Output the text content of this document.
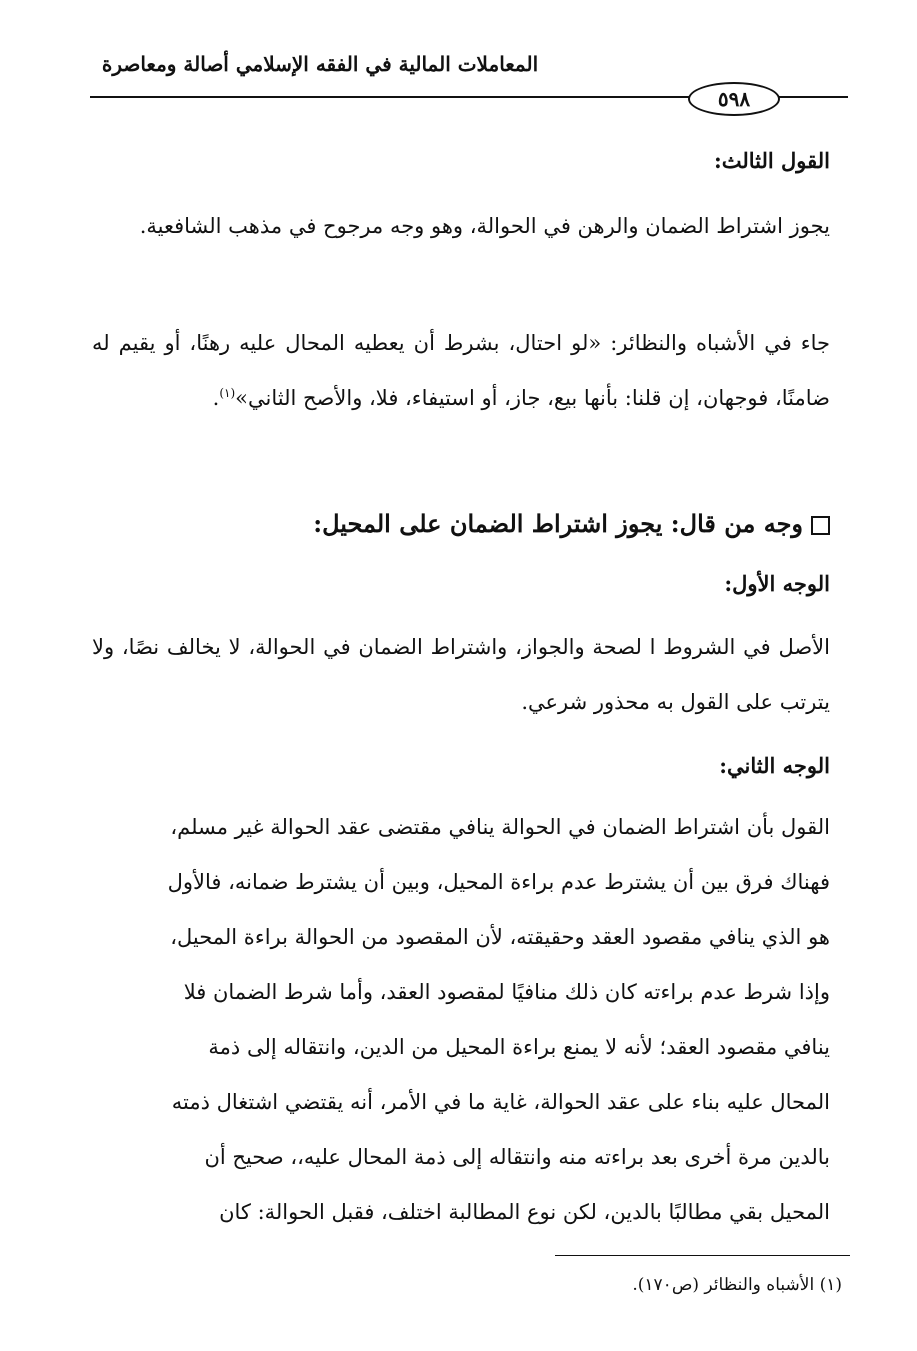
المعاملات المالية في الفقه الإسلامي أصالة ومعاصرة
٥٩٨
القول الثالث:
يجوز اشتراط الضمان والرهن في الحوالة، وهو وجه مرجوح في مذهب الشافعية.
جاء في الأشباه والنظائر: «لو احتال، بشرط أن يعطيه المحال عليه رهنًا، أو يقيم له ضامنًا، فوجهان، إن قلنا: بأنها بيع، جاز، أو استيفاء، فلا، والأصح الثاني»$^{(١)}$.
وجه من قال: يجوز اشتراط الضمان على المحيل:
الوجه الأول:
الأصل في الشروط ا لصحة والجواز، واشتراط الضمان في الحوالة، لا يخالف نصًا، ولا يترتب على القول به محذور شرعي.
الوجه الثاني:
القول بأن اشتراط الضمان في الحوالة ينافي مقتضى عقد الحوالة غير مسلم،
فهناك فرق بين أن يشترط عدم براءة المحيل، وبين أن يشترط ضمانه، فالأول
هو الذي ينافي مقصود العقد وحقيقته، لأن المقصود من الحوالة براءة المحيل،
وإذا شرط عدم براءته كان ذلك منافيًا لمقصود العقد، وأما شرط الضمان فلا
ينافي مقصود العقد؛ لأنه لا يمنع براءة المحيل من الدين، وانتقاله إلى ذمة
المحال عليه بناء على عقد الحوالة، غاية ما في الأمر، أنه يقتضي اشتغال ذمته
بالدين مرة أخرى بعد براءته منه وانتقاله إلى ذمة المحال عليه،، صحيح أن
المحيل بقي مطالبًا بالدين، لكن نوع المطالبة اختلف، فقبل الحوالة: كان
(١) الأشباه والنظائر (ص١٧٠).
